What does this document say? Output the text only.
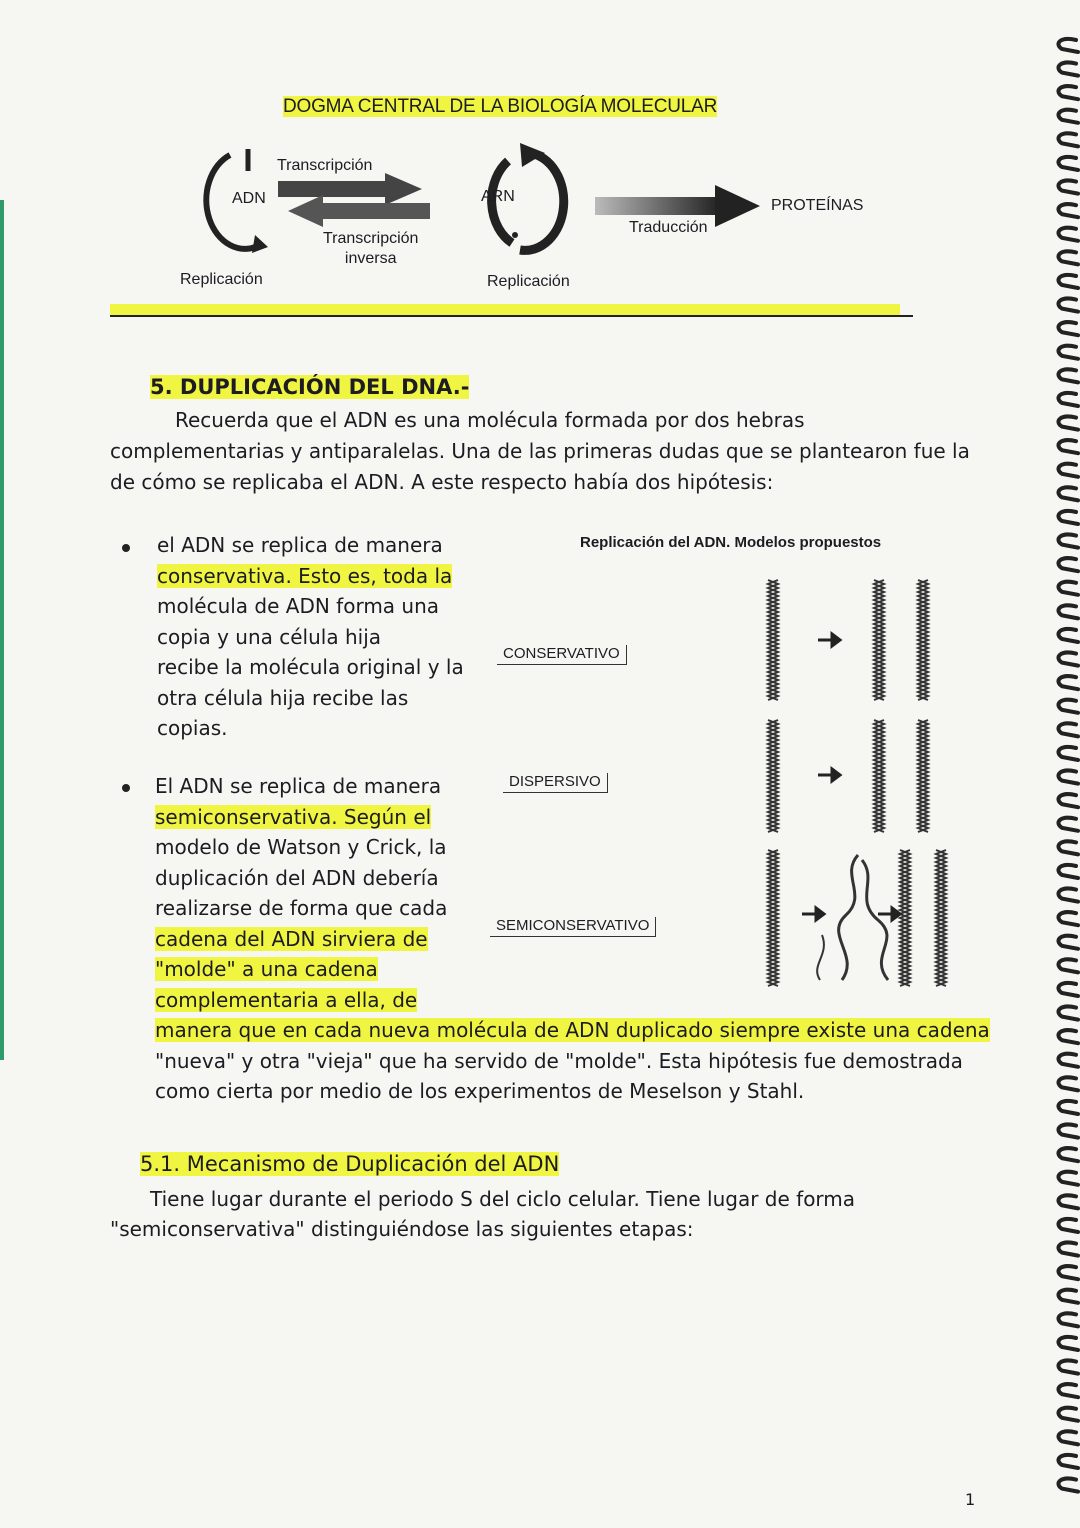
DOGMA CENTRAL DE LA BIOLOGÍA MOLECULAR
Transcripción
ADN
Transcripción
inversa
ARN
Traducción
PROTEÍNAS
Replicación	Replicación
5. DUPLICACIÓN DEL DNA.-
Recuerda que el ADN es una molécula formada por dos hebras
complementarias y antiparalelas. Una de las primeras dudas que se plantearon fue la
de cómo se replicaba el ADN. A este respecto había dos hipótesis:
el ADN se replica de manera
conservativa. Esto es, toda la
molécula de ADN forma una
copia y una célula hija
recibe la molécula original y la
otra célula hija recibe las
copias.
El ADN se replica de manera
semiconservativa. Según el
modelo de Watson y Crick, la
duplicación del ADN debería
realizarse de forma que cada
cadena del ADN sirviera de
"molde" a una cadena
complementaria a ella, de
manera que en cada nueva molécula de ADN duplicado siempre existe una cadena
"nueva" y otra "vieja" que ha servido de "molde". Esta hipótesis fue demostrada
como cierta por medio de los experimentos de Meselson y Stahl.
Replicación del ADN. Modelos propuestos
CONSERVATIVO
DISPERSIVO
SEMICONSERVATIVO
5.1. Mecanismo de Duplicación del ADN
Tiene lugar durante el periodo S del ciclo celular. Tiene lugar de forma
"semiconservativa" distinguiéndose las siguientes etapas:
1
